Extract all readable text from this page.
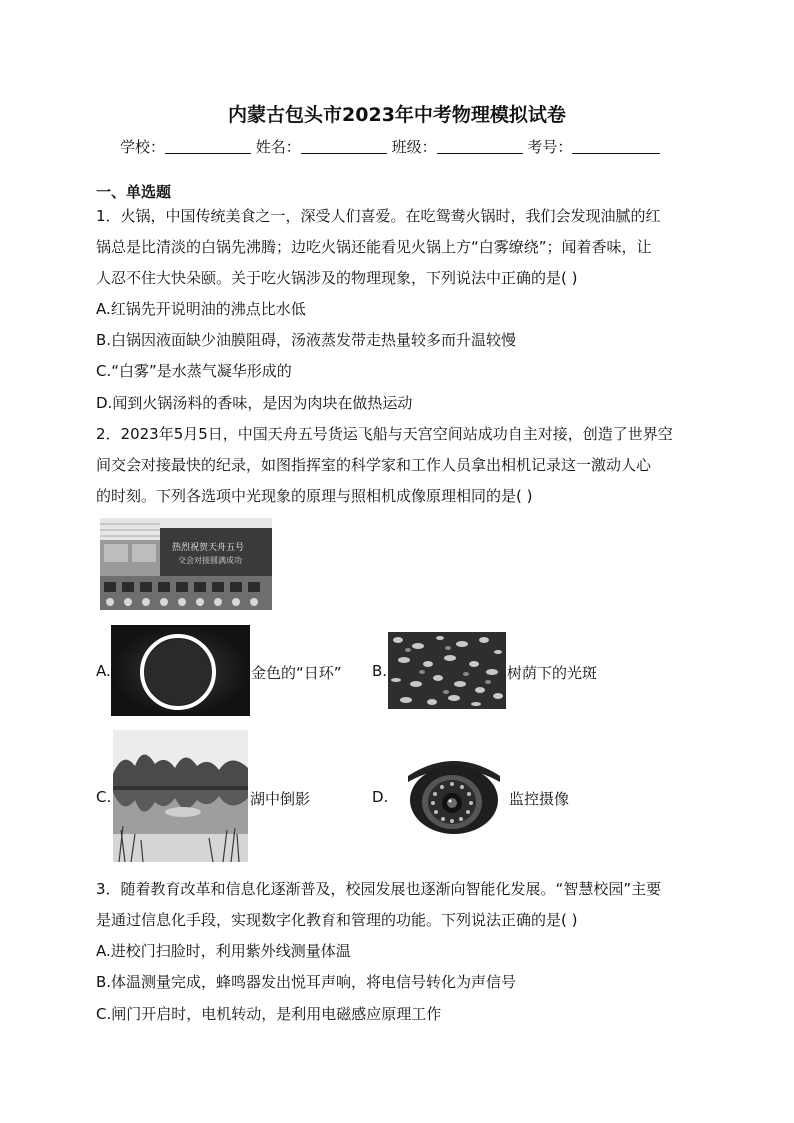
内蒙古包头市2023年中考物理模拟试卷
学校：	姓名：	班级：	考号：
一、单选题
1．火锅，中国传统美食之一，深受人们喜爱。在吃鸳鸯火锅时，我们会发现油腻的红
锅总是比清淡的白锅先沸腾；边吃火锅还能看见火锅上方“白雾缭绕”；闻着香味，让
人忍不住大快朵颐。关于吃火锅涉及的物理现象，下列说法中正确的是( )
A.红锅先开说明油的沸点比水低
B.白锅因液面缺少油膜阻碍，汤液蒸发带走热量较多而升温较慢
C.“白雾”是水蒸气凝华形成的
D.闻到火锅汤料的香味，是因为肉块在做热运动
2．2023年5月5日，中国天舟五号货运飞船与天宫空间站成功自主对接，创造了世界空
间交会对接最快的纪录，如图指挥室的科学家和工作人员拿出相机记录这一激动人心
的时刻。下列各选项中光现象的原理与照相机成像原理相同的是( )
热烈祝贺天舟五号
交会对接圆满成功
A.	金色的“日环” B.	树荫下的光斑
C.	湖中倒影	D.	监控摄像
3．随着教育改革和信息化逐渐普及，校园发展也逐渐向智能化发展。“智慧校园”主要
是通过信息化手段，实现数字化教育和管理的功能。下列说法正确的是( )
A.进校门扫脸时，利用紫外线测量体温
B.体温测量完成，蜂鸣器发出悦耳声响，将电信号转化为声信号
C.闸门开启时，电机转动，是利用电磁感应原理工作
